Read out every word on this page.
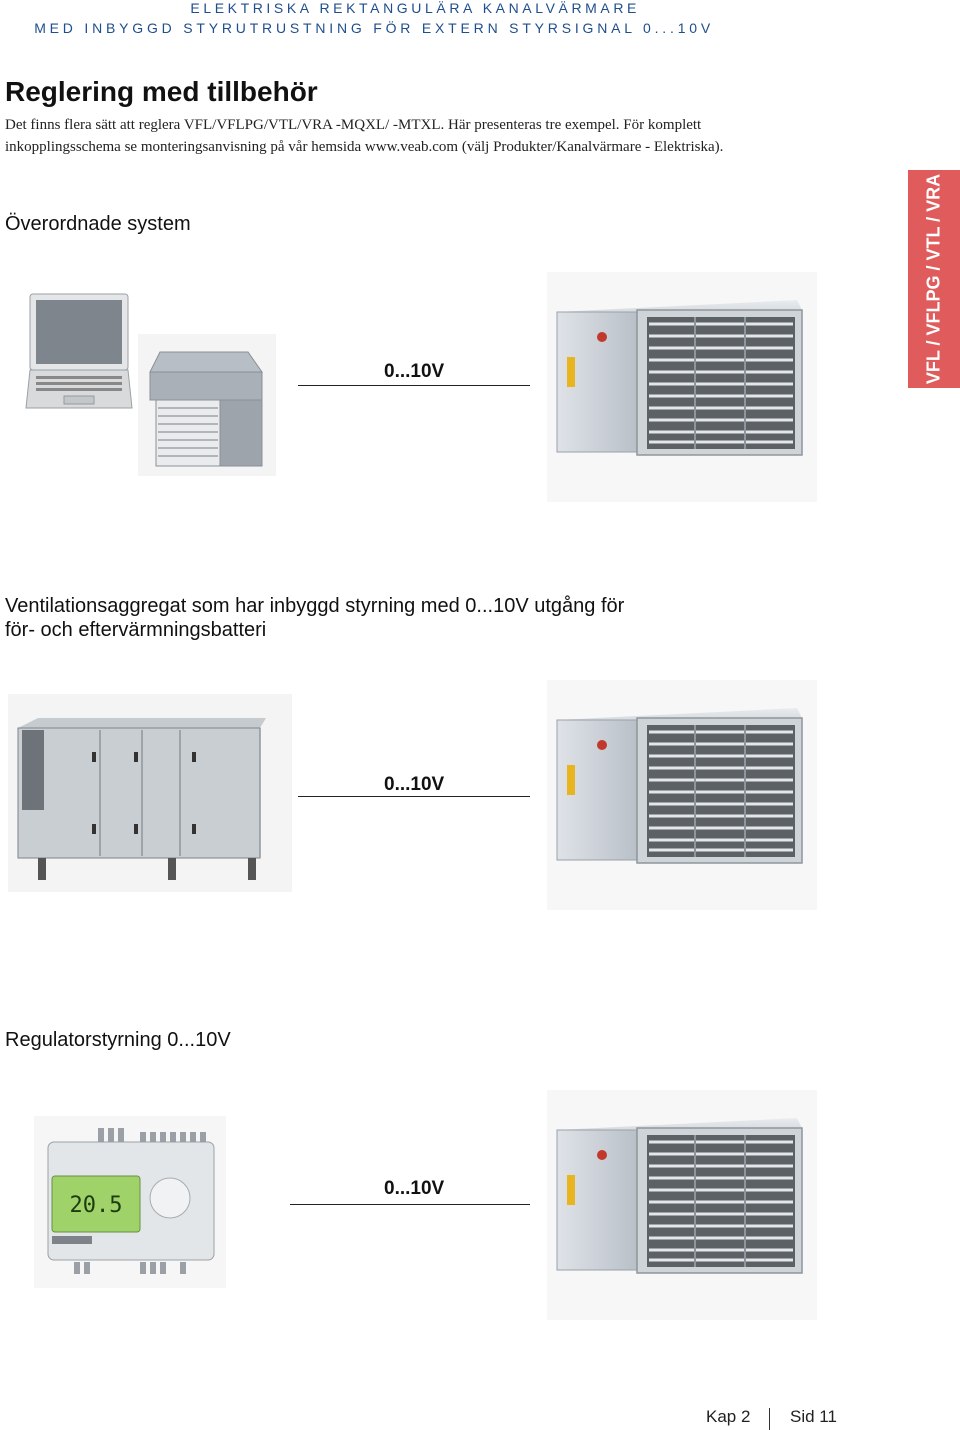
ELEKTRISKA REKTANGULÄRA KANALVÄRMARE
MED INBYGGD STYRUTRUSTNING FÖR EXTERN STYRSIGNAL 0...10V
Reglering med tillbehör

Det finns flera sätt att reglera VFL/VFLPG/VTL/VRA -MQXL/ -MTXL. Här presenteras tre exempel. För komplett

inkopplingsschema se monteringsanvisning på vår hemsida www.veab.com (välj Produkter/Kanalvärmare - Elektriska).

VFL / VFLPG / VTL / VRA
Överordnade system
0...10V
Ventilationsaggregat som har inbyggd styrning med 0...10V utgång för
för- och eftervärmningsbatteri
0...10V
Regulatorstyrning 0...10V
20.5
0...10V
Kap 2 Sid 11
